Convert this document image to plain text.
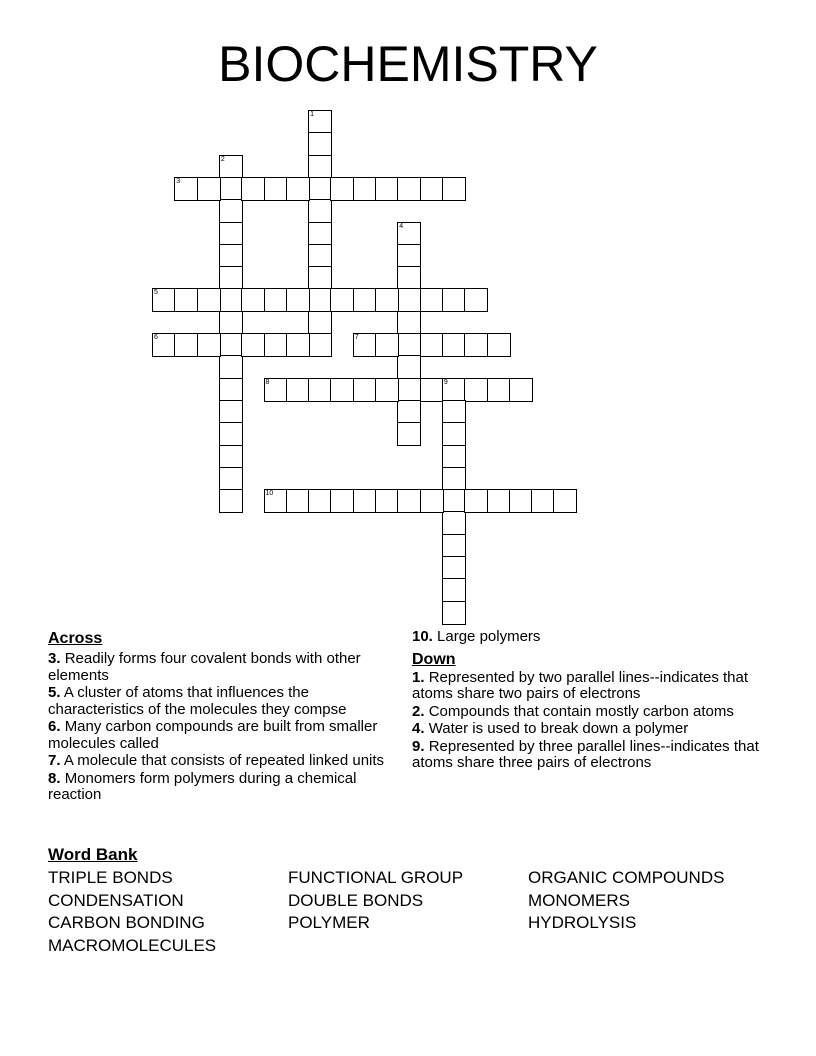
BIOCHEMISTRY
1
2
3
4
5
6	7
8	9
10
Across
3. Readily forms four covalent bonds with other elements
5. A cluster of atoms that influences the characteristics of the molecules they compse
6. Many carbon compounds are built from smaller molecules called
7. A molecule that consists of repeated linked units
8. Monomers form polymers during a chemical reaction
10. Large polymers
Down
1. Represented by two parallel lines--indicates that atoms share two pairs of electrons
2. Compounds that contain mostly carbon atoms
4. Water is used to break down a polymer
9. Represented by three parallel lines--indicates that atoms share three pairs of electrons
Word Bank
TRIPLE BONDS	FUNCTIONAL GROUP	ORGANIC COMPOUNDS
CONDENSATION	DOUBLE BONDS	MONOMERS
CARBON BONDING	POLYMER	HYDROLYSIS
MACROMOLECULES
